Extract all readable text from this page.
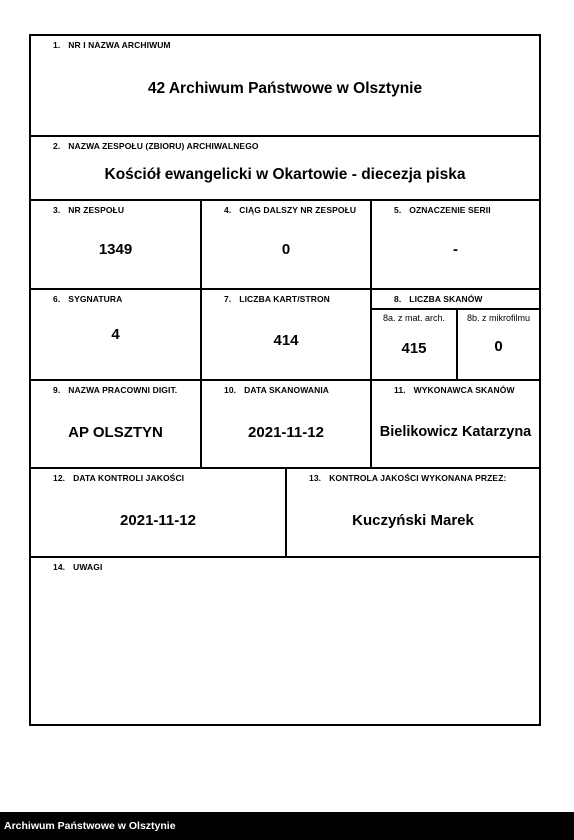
1. NR I NAZWA ARCHIWUM
42 Archiwum Państwowe w Olsztynie
2. NAZWA ZESPOŁU (ZBIORU) ARCHIWALNEGO
Kościół ewangelicki w Okartowie - diecezja piska
3. NR ZESPOŁU
1349
4. CIĄG DALSZY NR ZESPOŁU
0
5. OZNACZENIE SERII
-
6. SYGNATURA
4
7. LICZBA KART/STRON
414
8. LICZBA SKANÓW
8a. z mat. arch.
415
8b. z mikrofilmu
0
9. NAZWA PRACOWNI DIGIT.
AP OLSZTYN
10. DATA SKANOWANIA
2021-11-12
11. WYKONAWCA SKANÓW
Bielikowicz Katarzyna
12. DATA KONTROLI JAKOŚCI
2021-11-12
13. KONTROLA JAKOŚCI WYKONANA PRZEZ:
Kuczyński Marek
14. UWAGI
Archiwum Państwowe w Olsztynie
